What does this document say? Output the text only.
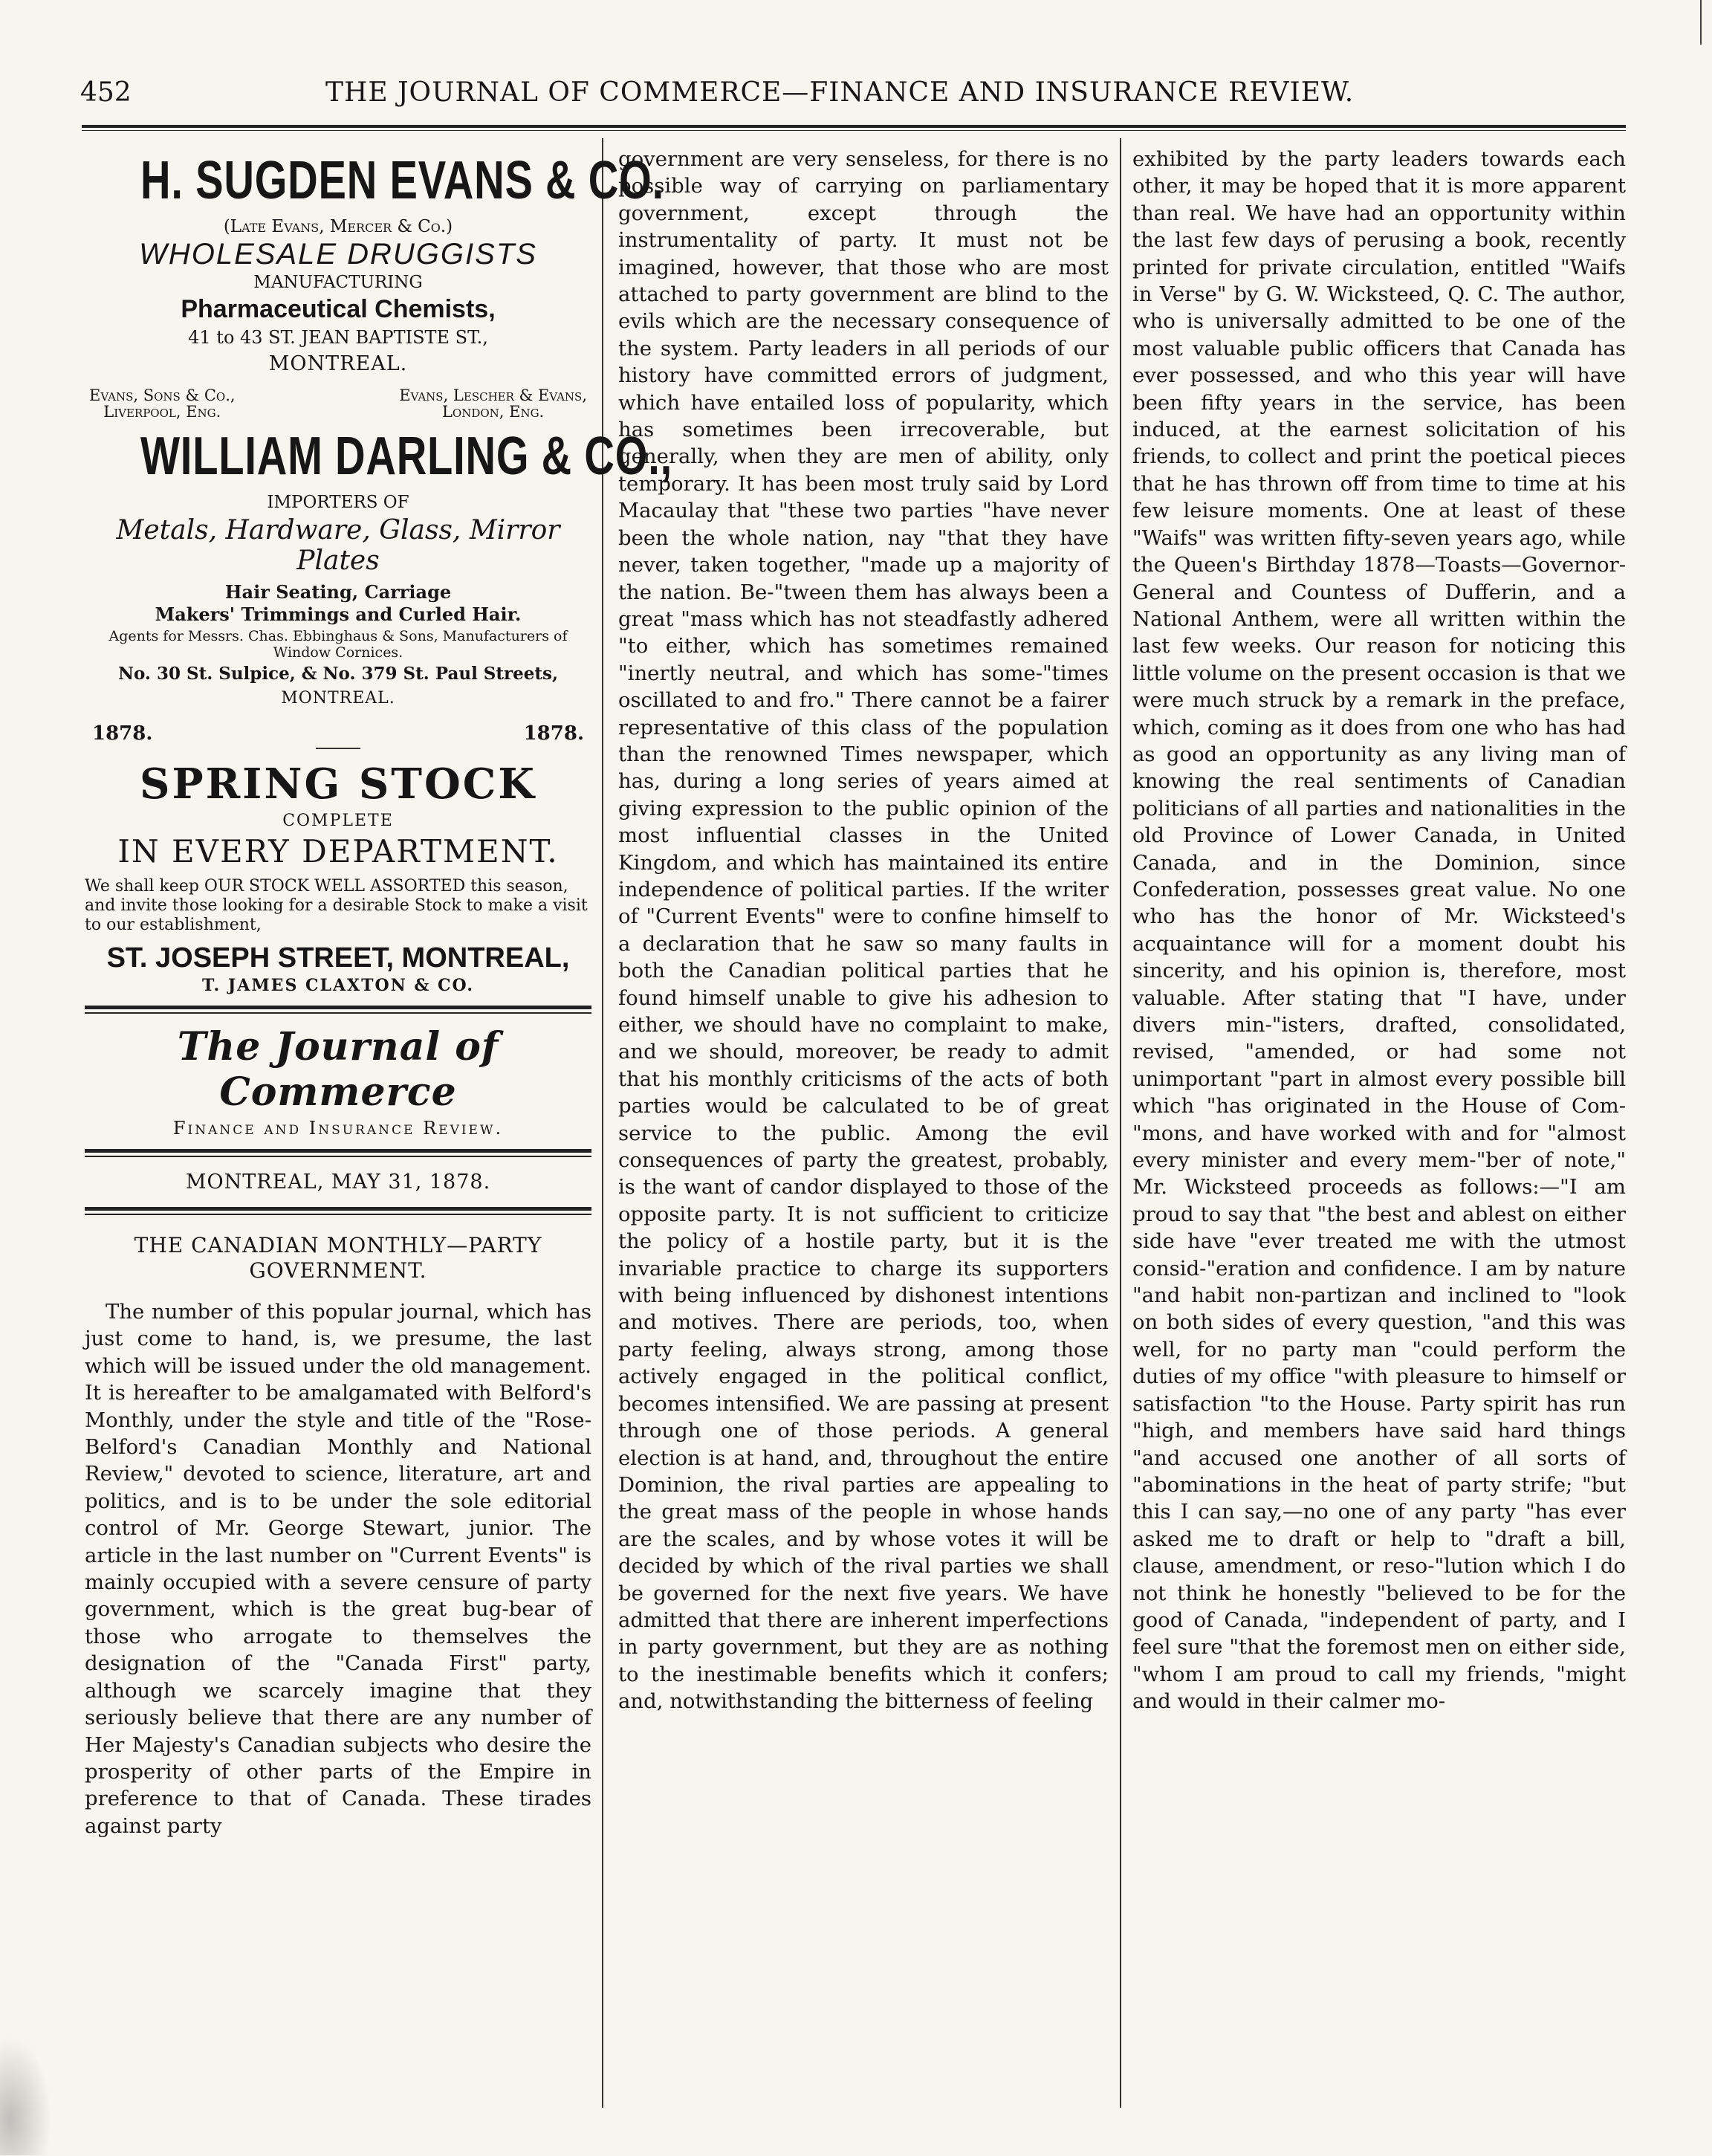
452	THE JOURNAL OF COMMERCE—FINANCE AND INSURANCE REVIEW.
H. SUGDEN EVANS & CO.
(Late Evans, Mercer & Co.)
WHOLESALE DRUGGISTS
MANUFACTURING
Pharmaceutical Chemists,
41 to 43 ST. JEAN BAPTISTE ST.,
MONTREAL.
Evans, Sons & Co.,
Liverpool, Eng.
Evans, Lescher & Evans,
London, Eng.
WILLIAM DARLING & CO.,
IMPORTERS OF
Metals, Hardware, Glass, Mirror Plates
Hair Seating, Carriage
Makers' Trimmings and Curled Hair.
Agents for Messrs. Chas. Ebbinghaus & Sons, Manufacturers of Window Cornices.
No. 30 St. Sulpice, & No. 379 St. Paul Streets,
MONTREAL.
1878.	1878.
SPRING STOCK
COMPLETE
IN EVERY DEPARTMENT.
We shall keep OUR STOCK WELL ASSORTED this season, and invite those looking for a desirable Stock to make a visit to our establishment,
ST. JOSEPH STREET, MONTREAL,
T. JAMES CLAXTON & CO.
The Journal of Commerce
Finance and Insurance Review.
MONTREAL, MAY 31, 1878.
THE CANADIAN MONTHLY—PARTY
GOVERNMENT.

The number of this popular journal, which has just come to hand, is, we presume, the last which will be issued under the old management. It is hereafter to be amalgamated with Belford's Monthly, under the style and title of the "Rose-Belford's Canadian Monthly and National Review," devoted to science, literature, art and politics, and is to be under the sole editorial control of Mr. George Stewart, junior. The article in the last number on "Current Events" is mainly occupied with a severe censure of party government, which is the great bug-bear of those who arrogate to themselves the designation of the "Canada First" party, although we scarcely imagine that they seriously believe that there are any number of Her Majesty's Canadian subjects who desire the prosperity of other parts of the Empire in preference to that of Canada. These tirades against party

government are very senseless, for there is no possible way of carrying on parliamentary government, except through the instrumentality of party. It must not be imagined, however, that those who are most attached to party government are blind to the evils which are the necessary consequence of the system. Party leaders in all periods of our history have committed errors of judgment, which have entailed loss of popularity, which has sometimes been irrecoverable, but generally, when they are men of ability, only temporary. It has been most truly said by Lord Macaulay that "these two parties "have never been the whole nation, nay "that they have never, taken together, "made up a majority of the nation. Be-"tween them has always been a great "mass which has not steadfastly adhered "to either, which has sometimes remained "inertly neutral, and which has some-"times oscillated to and fro." There cannot be a fairer representative of this class of the population than the renowned Times newspaper, which has, during a long series of years aimed at giving expression to the public opinion of the most influential classes in the United Kingdom, and which has maintained its entire independence of political parties. If the writer of "Current Events" were to confine himself to a declaration that he saw so many faults in both the Canadian political parties that he found himself unable to give his adhesion to either, we should have no complaint to make, and we should, moreover, be ready to admit that his monthly criticisms of the acts of both parties would be calculated to be of great service to the public. Among the evil consequences of party the greatest, probably, is the want of candor displayed to those of the opposite party. It is not sufficient to criticize the policy of a hostile party, but it is the invariable practice to charge its supporters with being influenced by dishonest intentions and motives. There are periods, too, when party feeling, always strong, among those actively engaged in the political conflict, becomes intensified. We are passing at present through one of those periods. A general election is at hand, and, throughout the entire Dominion, the rival parties are appealing to the great mass of the people in whose hands are the scales, and by whose votes it will be decided by which of the rival parties we shall be governed for the next five years. We have admitted that there are inherent imperfections in party government, but they are as nothing to the inestimable benefits which it confers; and, notwithstanding the bitterness of feeling

exhibited by the party leaders towards each other, it may be hoped that it is more apparent than real. We have had an opportunity within the last few days of perusing a book, recently printed for private circulation, entitled "Waifs in Verse" by G. W. Wicksteed, Q. C. The author, who is universally admitted to be one of the most valuable public officers that Canada has ever possessed, and who this year will have been fifty years in the service, has been induced, at the earnest solicitation of his friends, to collect and print the poetical pieces that he has thrown off from time to time at his few leisure moments. One at least of these "Waifs" was written fifty-seven years ago, while the Queen's Birthday 1878—Toasts—Governor-General and Countess of Dufferin, and a National Anthem, were all written within the last few weeks. Our reason for noticing this little volume on the present occasion is that we were much struck by a remark in the preface, which, coming as it does from one who has had as good an opportunity as any living man of knowing the real sentiments of Canadian politicians of all parties and nationalities in the old Province of Lower Canada, in United Canada, and in the Dominion, since Confederation, possesses great value. No one who has the honor of Mr. Wicksteed's acquaintance will for a moment doubt his sincerity, and his opinion is, therefore, most valuable. After stating that "I have, under divers min-"isters, drafted, consolidated, revised, "amended, or had some not unimportant "part in almost every possible bill which "has originated in the House of Com-"mons, and have worked with and for "almost every minister and every mem-"ber of note," Mr. Wicksteed proceeds as follows:—"I am proud to say that "the best and ablest on either side have "ever treated me with the utmost consid-"eration and confidence. I am by nature "and habit non-partizan and inclined to "look on both sides of every question, "and this was well, for no party man "could perform the duties of my office "with pleasure to himself or satisfaction "to the House. Party spirit has run "high, and members have said hard things "and accused one another of all sorts of "abominations in the heat of party strife; "but this I can say,—no one of any party "has ever asked me to draft or help to "draft a bill, clause, amendment, or reso-"lution which I do not think he honestly "believed to be for the good of Canada, "independent of party, and I feel sure "that the foremost men on either side, "whom I am proud to call my friends, "might and would in their calmer mo-
